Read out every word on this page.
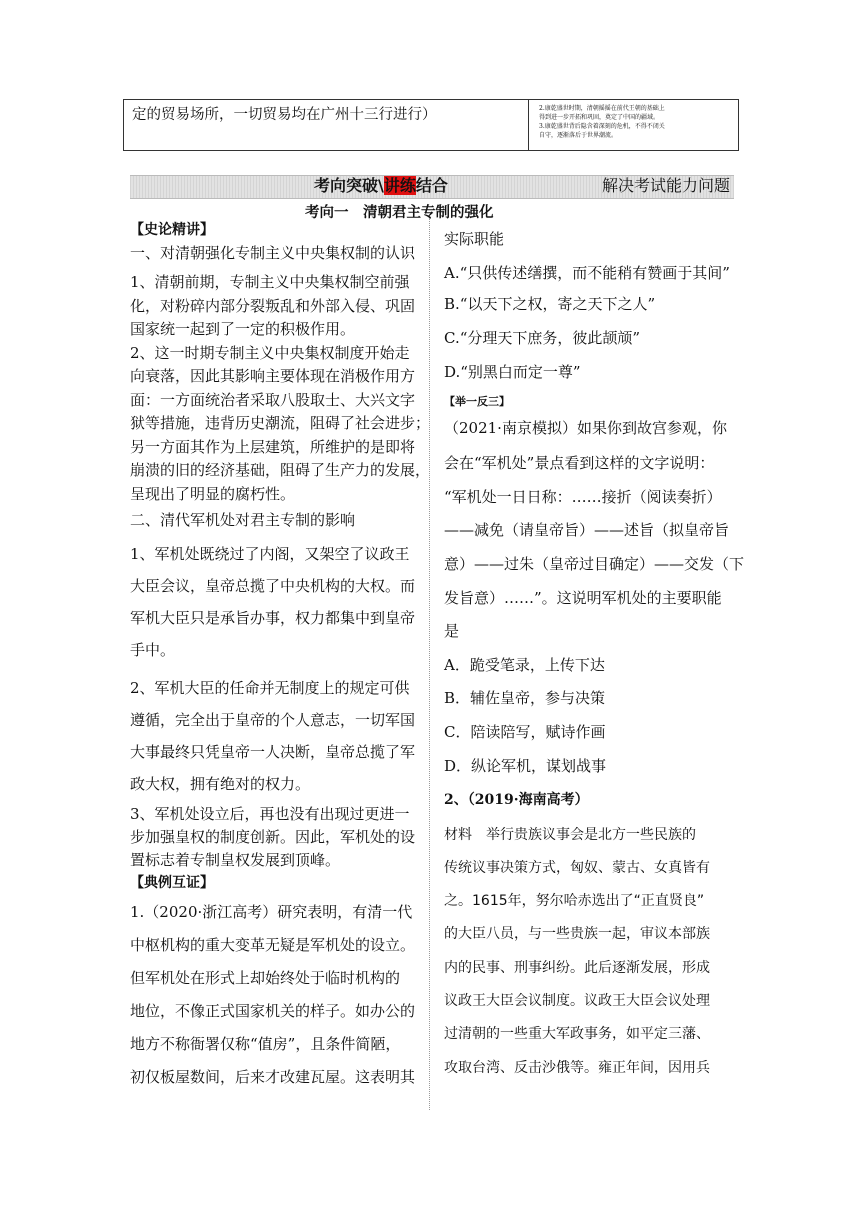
定的贸易场所，一切贸易均在广州十三行进行）	2.康乾盛世时期，清朝摇摇在前代王朝的基础上
得到进一步开拓和巩固，奠定了中国的疆域。
3.康乾盛世背后隐含着深刻的危机，不得不闭关
自守，逐渐落后于世界潮流。
考向突破\讲练结合	解决考试能力问题
考向一　清朝君主专制的强化
【史论精讲】
一、对清朝强化专制主义中央集权制的认识
1、清朝前期，专制主义中央集权制空前强
化，对粉碎内部分裂叛乱和外部入侵、巩固
国家统一起到了一定的积极作用。
2、这一时期专制主义中央集权制度开始走
向衰落，因此其影响主要体现在消极作用方
面：一方面统治者采取八股取士、大兴文字
狱等措施，违背历史潮流，阻碍了社会进步；
另一方面其作为上层建筑，所维护的是即将
崩溃的旧的经济基础，阻碍了生产力的发展，
呈现出了明显的腐朽性。
二、清代军机处对君主专制的影响
1、军机处既绕过了内阁，又架空了议政王
大臣会议，皇帝总揽了中央机构的大权。而
军机大臣只是承旨办事，权力都集中到皇帝
手中。
2、军机大臣的任命并无制度上的规定可供
遵循，完全出于皇帝的个人意志，一切军国
大事最终只凭皇帝一人决断，皇帝总揽了军
政大权，拥有绝对的权力。
3、军机处设立后，再也没有出现过更进一
步加强皇权的制度创新。因此，军机处的设
置标志着专制皇权发展到顶峰。
【典例互证】
1.（2020·浙江高考）研究表明，有清一代
中枢机构的重大变革无疑是军机处的设立。
但军机处在形式上却始终处于临时机构的
地位，不像正式国家机关的样子。如办公的
地方不称衙署仅称“值房”，且条件简陋，
初仅板屋数间，后来才改建瓦屋。这表明其
实际职能
A.“只供传述缮撰，而不能稍有赞画于其间”
B.“以天下之权，寄之天下之人”
C.“分理天下庶务，彼此颉颃”
D.“别黑白而定一尊”
【举一反三】
（2021·南京模拟）如果你到故宫参观，你
会在“军机处”景点看到这样的文字说明：
“军机处一日日称：……接折（阅读奏折）
——减免（请皇帝旨）——述旨（拟皇帝旨
意）——过朱（皇帝过目确定）——交发（下
发旨意）……”。这说明军机处的主要职能
是
A．跪受笔录，上传下达
B．辅佐皇帝，参与决策
C．陪读陪写，赋诗作画
D．纵论军机，谋划战事
2、（2019·海南高考）
材料　举行贵族议事会是北方一些民族的
传统议事决策方式，匈奴、蒙古、女真皆有
之。1615年，努尔哈赤选出了“正直贤良”
的大臣八员，与一些贵族一起，审议本部族
内的民事、刑事纠纷。此后逐渐发展，形成
议政王大臣会议制度。议政王大臣会议处理
过清朝的一些重大军政事务，如平定三藩、
攻取台湾、反击沙俄等。雍正年间，因用兵
